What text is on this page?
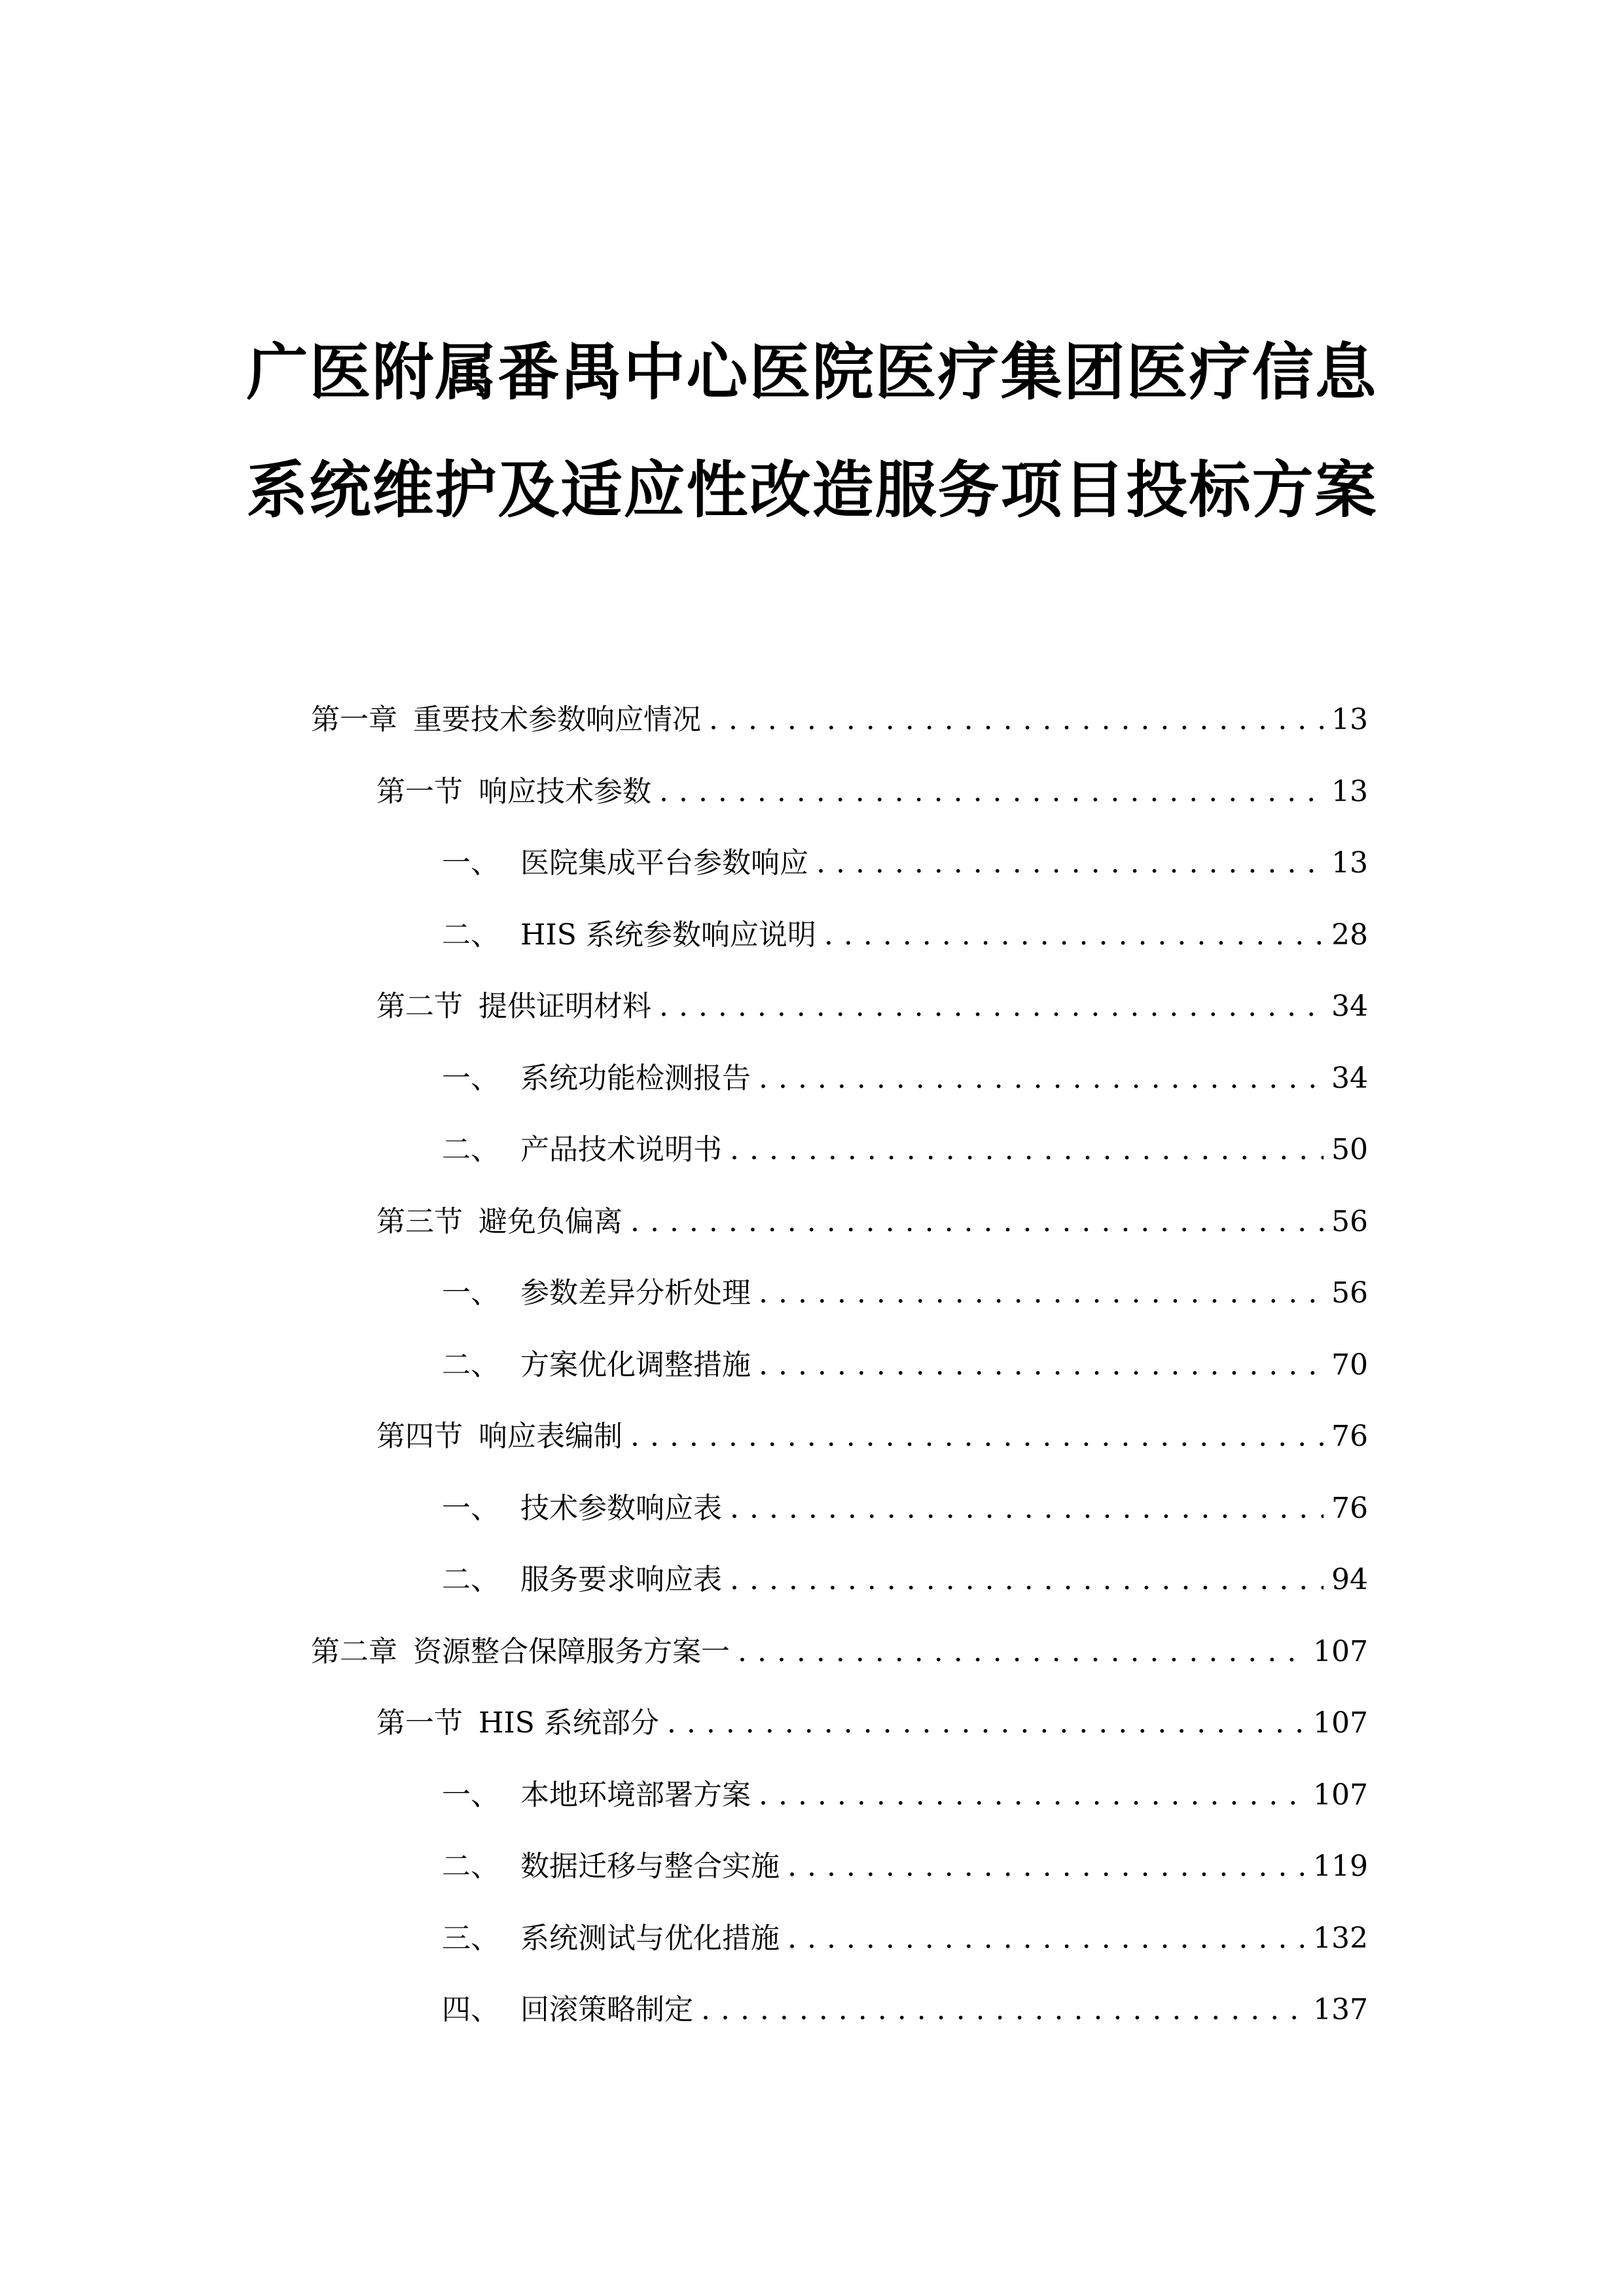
广医附属番禺中心医院医疗集团医疗信息
系统维护及适应性改造服务项目投标方案
第一章 重要技术参数响应情况 . . .	13
第一节 响应技术参数 . . .	13
一、 医院集成平台参数响应 . . .	13
二、 HIS 系统参数响应说明 . . .	28
第二节 提供证明材料 . . .	34
一、 系统功能检测报告 . . .	34
二、 产品技术说明书 . . .	50
第三节 避免负偏离 . . .	56
一、 参数差异分析处理 . . .	56
二、 方案优化调整措施 . . .	70
第四节 响应表编制 . . .	76
一、 技术参数响应表 . . .	76
二、 服务要求响应表 . . .	94
第二章 资源整合保障服务方案一 . . .	107
第一节 HIS 系统部分 . . .	107
一、 本地环境部署方案 . . .	107
二、 数据迁移与整合实施 . . .	119
三、 系统测试与优化措施 . . .	132
四、 回滚策略制定 . . .	137
